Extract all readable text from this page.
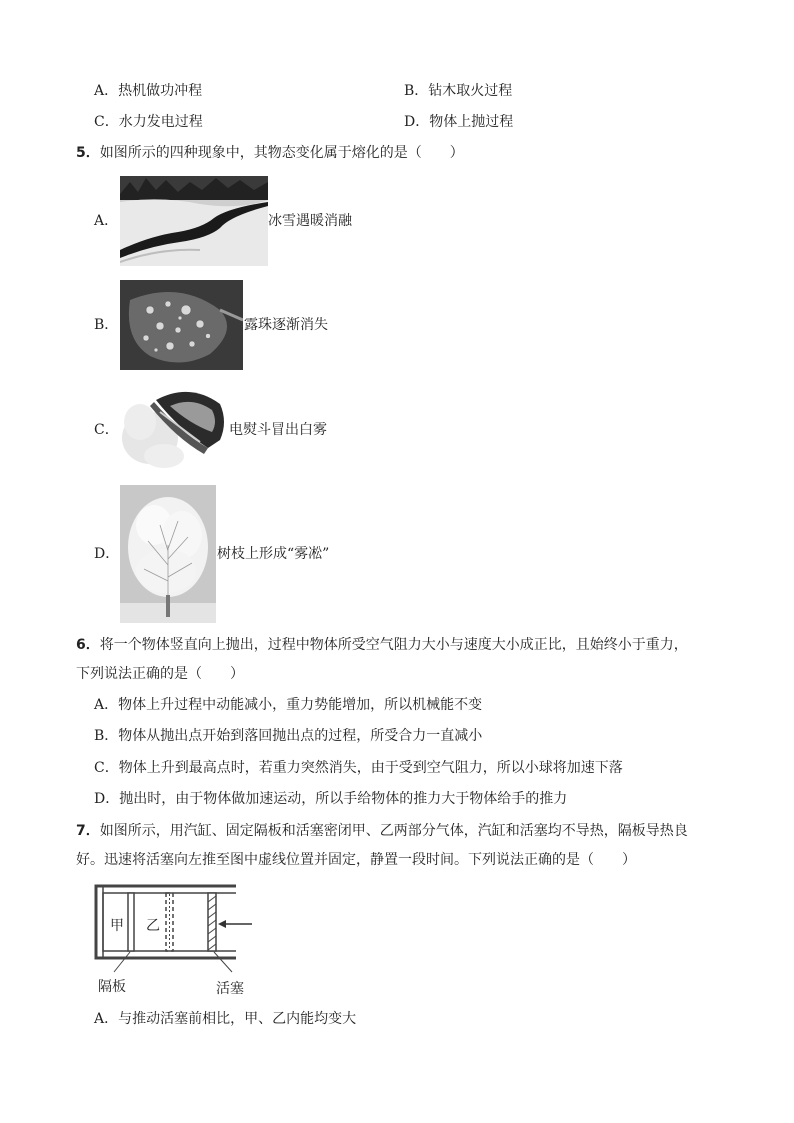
A．热机做功冲程	B．钻木取火过程
C．水力发电过程	D．物体上抛过程
5．如图所示的四种现象中，其物态变化属于熔化的是（　　）
A．	冰雪遇暖消融
B．	露珠逐渐消失
C．	电熨斗冒出白雾
D．	树枝上形成“雾凇”
6．将一个物体竖直向上抛出，过程中物体所受空气阻力大小与速度大小成正比，且始终小于重力，
下列说法正确的是（　　）
A．物体上升过程中动能减小，重力势能增加，所以机械能不变
B．物体从抛出点开始到落回抛出点的过程，所受合力一直减小
C．物体上升到最高点时，若重力突然消失，由于受到空气阻力，所以小球将加速下落
D．抛出时，由于物体做加速运动，所以手给物体的推力大于物体给手的推力
7．如图所示，用汽缸、固定隔板和活塞密闭甲、乙两部分气体，汽缸和活塞均不导热，隔板导热良
好。迅速将活塞向左推至图中虚线位置并固定，静置一段时间。下列说法正确的是（　　）
甲 乙
隔板	活塞
A．与推动活塞前相比，甲、乙内能均变大
